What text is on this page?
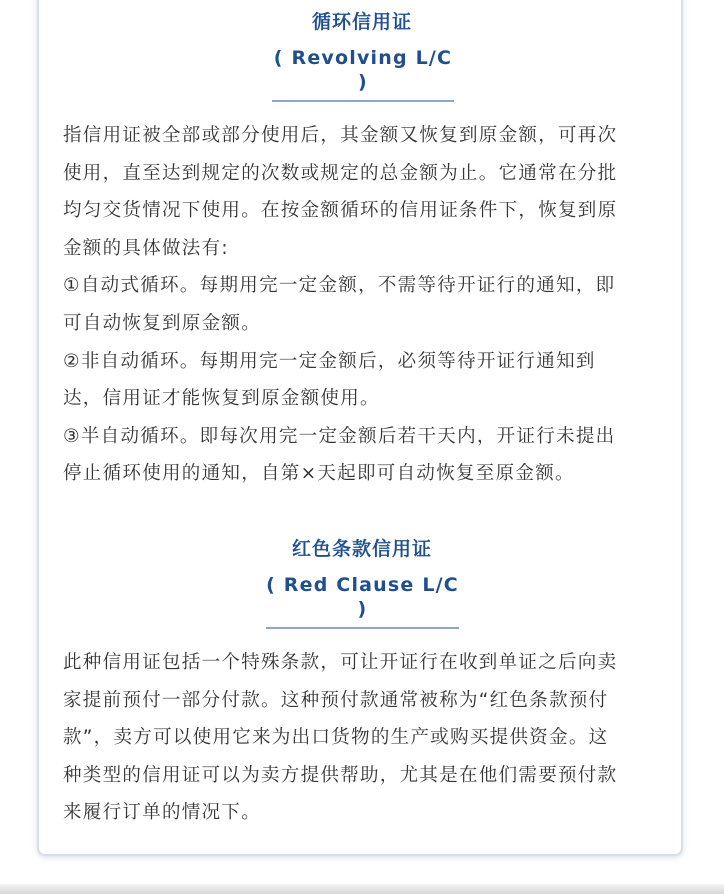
循环信用证
( Revolving L/C )
指信用证被全部或部分使用后，其金额又恢复到原金额，可再次
使用，直至达到规定的次数或规定的总金额为止。它通常在分批
均匀交货情况下使用。在按金额循环的信用证条件下，恢复到原
金额的具体做法有:
①自动式循环。每期用完一定金额，不需等待开证行的通知，即
可自动恢复到原金额。
②非自动循环。每期用完一定金额后，必须等待开证行通知到
达，信用证才能恢复到原金额使用。
③半自动循环。即每次用完一定金额后若干天内，开证行未提出
停止循环使用的通知，自第×天起即可自动恢复至原金额。
红色条款信用证
( Red Clause L/C )
此种信用证包括一个特殊条款，可让开证行在收到单证之后向卖
家提前预付一部分付款。这种预付款通常被称为“红色条款预付
款”，卖方可以使用它来为出口货物的生产或购买提供资金。这
种类型的信用证可以为卖方提供帮助，尤其是在他们需要预付款
来履行订单的情况下。
